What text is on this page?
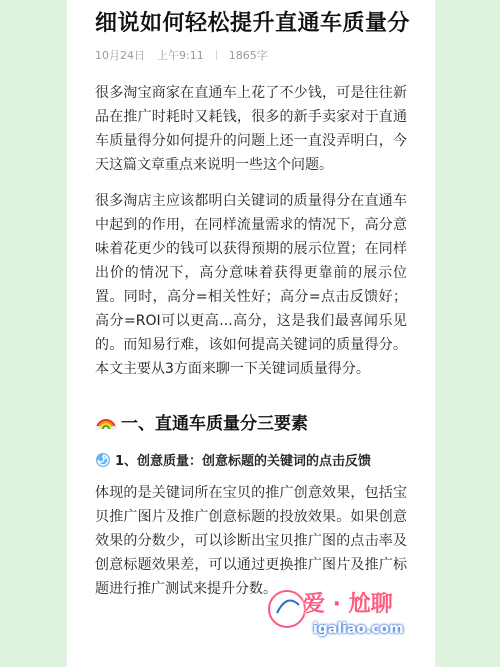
细说如何轻松提升直通车质量分
10月24日 上午9:11 1865字

很多淘宝商家在直通车上花了不少钱，可是往往新品在推广时耗时又耗钱，很多的新手卖家对于直通车质量得分如何提升的问题上还一直没弄明白，今天这篇文章重点来说明一些这个问题。

很多淘店主应该都明白关键词的质量得分在直通车中起到的作用，在同样流量需求的情况下，高分意味着花更少的钱可以获得预期的展示位置；在同样出价的情况下，高分意味着获得更靠前的展示位置。同时，高分=相关性好；高分=点击反馈好；高分=ROI可以更高...高分，这是我们最喜闻乐见的。而知易行难，该如何提高关键词的质量得分。本文主要从3方面来聊一下关键词质量得分。

一、直通车质量分三要素
1、创意质量：创意标题的关键词的点击反馈

体现的是关键词所在宝贝的推广创意效果，包括宝贝推广图片及推广创意标题的投放效果。如果创意效果的分数少，可以诊断出宝贝推广图的点击率及创意标题效果差，可以通过更换推广图片及推广标题进行推广测试来提升分数。

爱 · 尬聊
igaliao.com
